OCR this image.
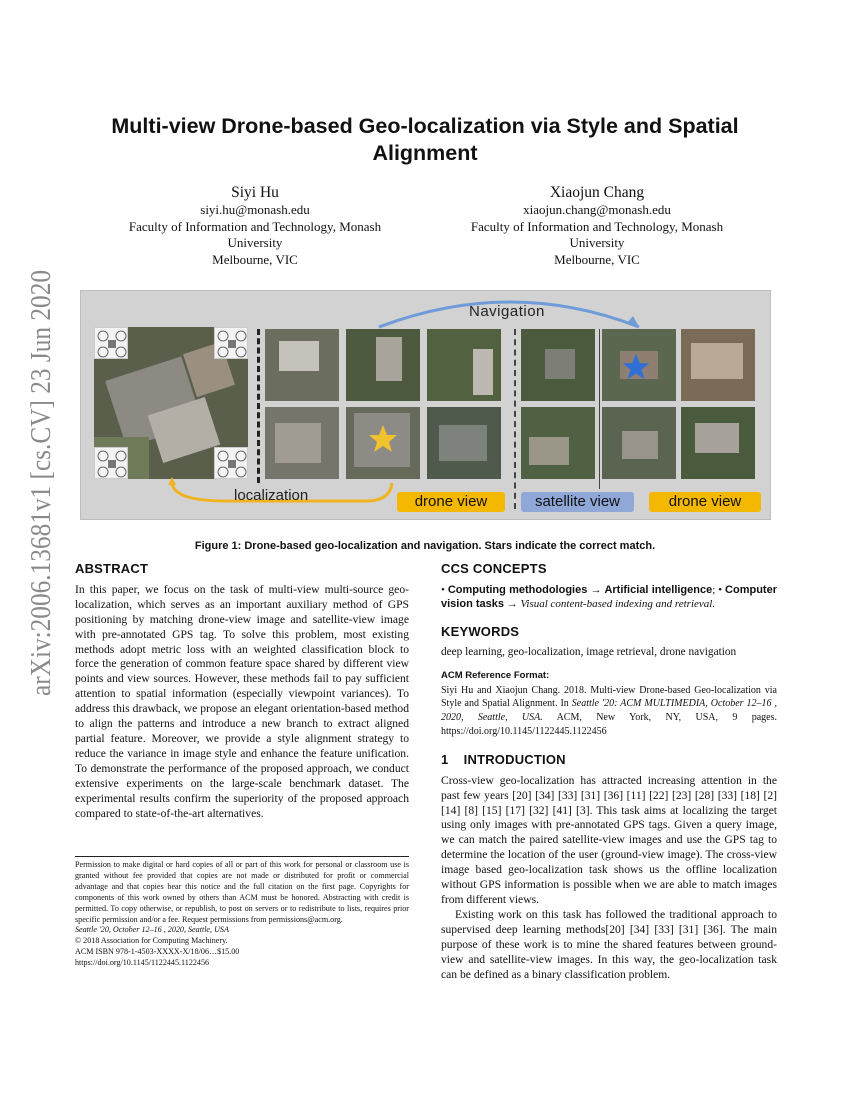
arXiv:2006.13681v1 [cs.CV] 23 Jun 2020
Multi-view Drone-based Geo-localization via Style and Spatial Alignment
Siyi Hu
siyi.hu@monash.edu
Faculty of Information and Technology, Monash University
Melbourne, VIC
Xiaojun Chang
xiaojun.chang@monash.edu
Faculty of Information and Technology, Monash University
Melbourne, VIC
Navigation
localization	drone view	satellite view	drone view
Figure 1: Drone-based geo-localization and navigation. Stars indicate the correct match.
ABSTRACT
In this paper, we focus on the task of multi-view multi-source geo-localization, which serves as an important auxiliary method of GPS positioning by matching drone-view image and satellite-view image with pre-annotated GPS tag. To solve this problem, most existing methods adopt metric loss with an weighted classification block to force the generation of common feature space shared by different view points and view sources. However, these methods fail to pay sufficient attention to spatial information (especially viewpoint variances). To address this drawback, we propose an elegant orientation-based method to align the patterns and introduce a new branch to extract aligned partial feature. Moreover, we provide a style alignment strategy to reduce the variance in image style and enhance the feature unification. To demonstrate the performance of the proposed approach, we conduct extensive experiments on the large-scale benchmark dataset. The experimental results confirm the superiority of the proposed approach compared to state-of-the-art alternatives.
Permission to make digital or hard copies of all or part of this work for personal or classroom use is granted without fee provided that copies are not made or distributed for profit or commercial advantage and that copies bear this notice and the full citation on the first page. Copyrights for components of this work owned by others than ACM must be honored. Abstracting with credit is permitted. To copy otherwise, or republish, to post on servers or to redistribute to lists, requires prior specific permission and/or a fee. Request permissions from permissions@acm.org.
Seattle '20, October 12–16 , 2020, Seattle, USA
© 2018 Association for Computing Machinery.
ACM ISBN 978-1-4503-XXXX-X/18/06…$15.00
https://doi.org/10.1145/1122445.1122456
CCS CONCEPTS
• Computing methodologies → Artificial intelligence; • Computer vision tasks → Visual content-based indexing and retrieval.
KEYWORDS
deep learning, geo-localization, image retrieval, drone navigation
ACM Reference Format:
Siyi Hu and Xiaojun Chang. 2018. Multi-view Drone-based Geo-localization via Style and Spatial Alignment. In Seattle '20: ACM MULTIMEDIA, October 12–16 , 2020, Seattle, USA. ACM, New York, NY, USA, 9 pages. https://doi.org/10.1145/1122445.1122456
1    INTRODUCTION

Cross-view geo-localization has attracted increasing attention in the past few years [20] [34] [33] [31] [36] [11] [22] [23] [28] [33] [18] [2] [14] [8] [15] [17] [32] [41] [3]. This task aims at localizing the target using only images with pre-annotated GPS tags. Given a query image, we can match the paired satellite-view images and use the GPS tag to determine the location of the user (ground-view image). The cross-view image based geo-localization task shows us the offline localization without GPS information is possible when we are able to match images from different views.

Existing work on this task has followed the traditional approach to supervised deep learning methods[20] [34] [33] [31] [36]. The main purpose of these work is to mine the shared features between ground-view and satellite-view images. In this way, the geo-localization task can be defined as a binary classification problem.
